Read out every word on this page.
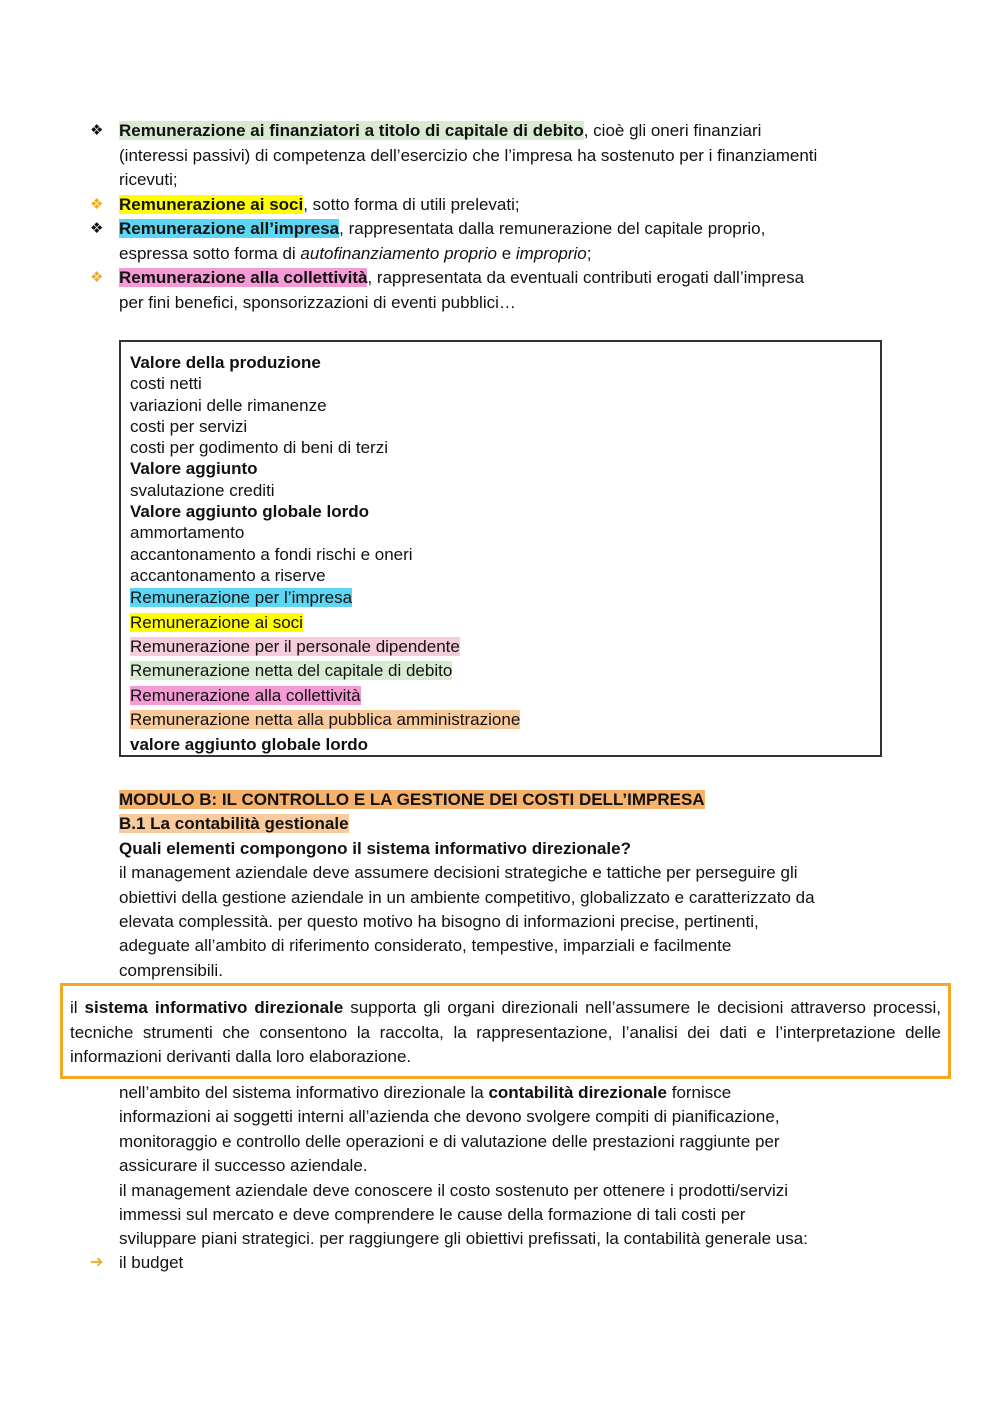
❖ Remunerazione ai finanziatori a titolo di capitale di debito, cioè gli oneri finanziari
(interessi passivi) di competenza dell’esercizio che l’impresa ha sostenuto per i finanziamenti
ricevuti;
❖ Remunerazione ai soci, sotto forma di utili prelevati;
❖ Remunerazione all’impresa, rappresentata dalla remunerazione del capitale proprio,
espressa sotto forma di autofinanziamento proprio e improprio;
❖ Remunerazione alla collettività, rappresentata da eventuali contributi erogati dall’impresa
per fini benefici, sponsorizzazioni di eventi pubblici…
Valore della produzione
costi netti
variazioni delle rimanenze
costi per servizi
costi per godimento di beni di terzi
Valore aggiunto
svalutazione crediti
Valore aggiunto globale lordo
ammortamento
accantonamento a fondi rischi e oneri
accantonamento a riserve
Remunerazione per l’impresa
Remunerazione ai soci
Remunerazione per il personale dipendente
Remunerazione netta del capitale di debito
Remunerazione alla collettività
Remunerazione netta alla pubblica amministrazione
valore aggiunto globale lordo
MODULO B: IL CONTROLLO E LA GESTIONE DEI COSTI DELL’IMPRESA
B.1 La contabilità gestionale
Quali elementi compongono il sistema informativo direzionale?
il management aziendale deve assumere decisioni strategiche e tattiche per perseguire gli
obiettivi della gestione aziendale in un ambiente competitivo, globalizzato e caratterizzato da
elevata complessità. per questo motivo ha bisogno di informazioni precise, pertinenti,
adeguate all’ambito di riferimento considerato, tempestive, imparziali e facilmente
comprensibili.
il sistema informativo direzionale supporta gli organi direzionali nell’assumere le decisioni attraverso processi, tecniche strumenti che consentono la raccolta, la rappresentazione, l’analisi dei dati e l’interpretazione delle informazioni derivanti dalla loro elaborazione.
nell’ambito del sistema informativo direzionale la contabilità direzionale fornisce
informazioni ai soggetti interni all’azienda che devono svolgere compiti di pianificazione,
monitoraggio e controllo delle operazioni e di valutazione delle prestazioni raggiunte per
assicurare il successo aziendale.
il management aziendale deve conoscere il costo sostenuto per ottenere i prodotti/servizi
immessi sul mercato e deve comprendere le cause della formazione di tali costi per
sviluppare piani strategici. per raggiungere gli obiettivi prefissati, la contabilità generale usa:
➔ il budget
